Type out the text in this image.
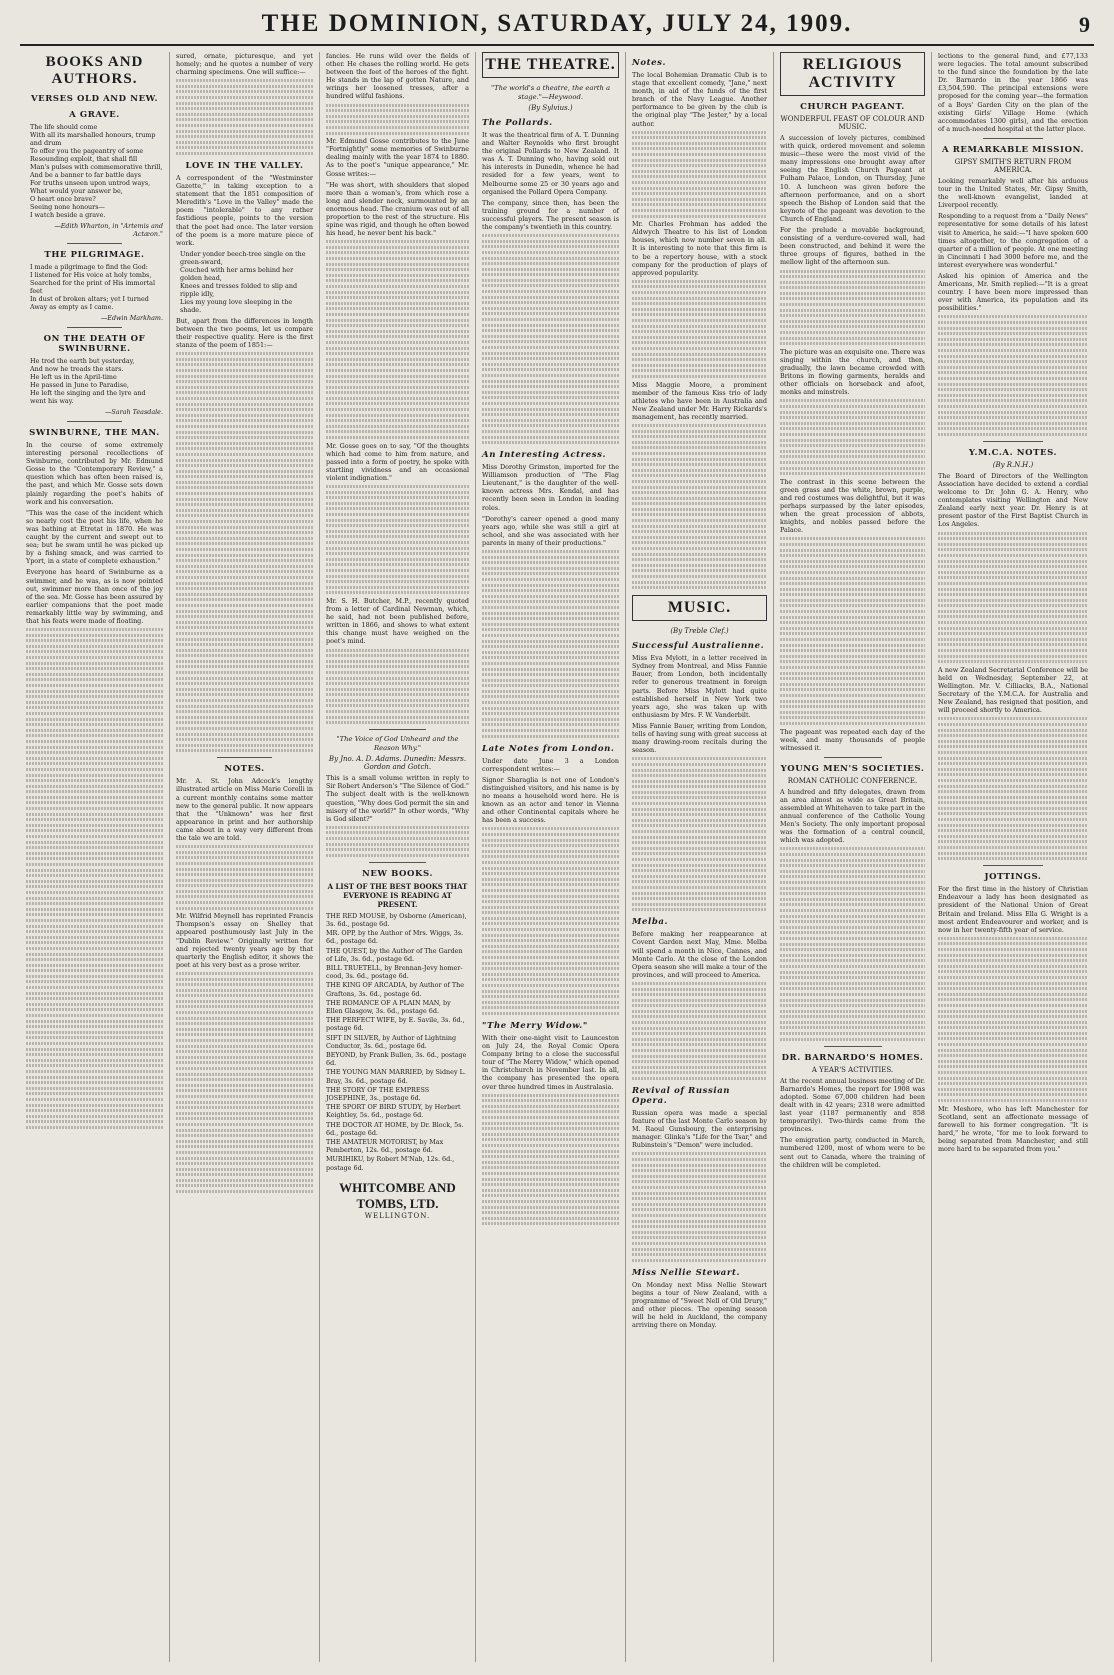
THE DOMINION, SATURDAY, JULY 24, 1909.	9
BOOKS AND AUTHORS.
VERSES OLD AND NEW.
A GRAVE.
The life should come
With all its marshalled honours, trump and drum
To offer you the pageantry of some
Resounding exploit, that shall fill
Man's pulses with commemorative thrill,
And be a banner to far battle days
For truths unseen upon untrod ways,
What would your answer be,
O heart once brave?
Seeing none honours—
I watch beside a grave.
—Edith Wharton, in "Artemis and Actæon."
THE PILGRIMAGE.
I made a pilgrimage to find the God:
I listened for His voice at holy tombs,
Searched for the print of His immortal feet
In dust of broken altars; yet I turned
Away as empty as I came.
—Edwin Markham.
ON THE DEATH OF SWINBURNE.
He trod the earth but yesterday,
And now he treads the stars.
He left us in the April-time
He passed in June to Paradise,
He left the singing and the lyre and went his way.
—Sarah Teasdale.
SWINBURNE, THE MAN.

In the course of some extremely interesting personal recollections of Swinburne, contributed by Mr. Edmund Gosse to the "Contemporary Review," a question which has often been raised is, the past, and which Mr. Gosse sets down plainly regarding the poet's habits of work and his conversation.

"This was the case of the incident which so nearly cost the poet his life, when he was bathing at Etretat in 1870. He was caught by the current and swept out to sea; but he swam until he was picked up by a fishing smack, and was carried to Yport, in a state of complete exhaustion."

Everyone has heard of Swinburne as a swimmer, and he was, as is now pointed out, swimmer more than once of the joy of the sea. Mr. Gosse has been assured by earlier companions that the poet made remarkably little way by swimming, and that his feats were made of floating.

sured, ornate, picturesque, and yet homely; and he quotes a number of very charming specimens. One will suffice:—

LOVE IN THE VALLEY.

A correspondent of the "Westminster Gazette," in taking exception to a statement that the 1851 composition of Meredith's "Love in the Valley" made the poem "intolerable" to any rather fastidious people, points to the version that the poet had once. The later version of the poem is a more mature piece of work.

Under yonder beech-tree single on the green-sward,
Couched with her arms behind her golden head,
Knees and tresses folded to slip and ripple idly,
Lies my young love sleeping in the shade.

But, apart from the differences in length between the two poems, let us compare their respective quality. Here is the first stanza of the poem of 1851:—

NOTES.

Mr. A. St. John Adcock's lengthy illustrated article on Miss Marie Corelli in a current monthly contains some matter new to the general public. It now appears that the "Unknown" was her first appearance in print and her authorship came about in a way very different from the tale we are told.

Mr. Wilfrid Meynell has reprinted Francis Thompson's essay on Shelley that appeared posthumously last July in the "Dublin Review." Originally written for and rejected twenty years ago by that quarterly the English editor, it shows the poet at his very best as a prose writer.

fancies. He runs wild over the fields of other. He chases the rolling world. He gets between the feet of the heroes of the fight. He stands in the lap of gotten Nature, and wrings her loosened tresses, after a hundred wilful fashions.

Mr. Edmund Gosse contributes to the June "Fortnightly" some memories of Swinburne dealing mainly with the year 1874 to 1880. As to the poet's "unique appearance," Mr. Gosse writes:—

"He was short, with shoulders that sloped more than a woman's, from which rose a long and slender neck, surmounted by an enormous head. The cranium was out of all proportion to the rest of the structure. His spine was rigid, and though he often bowed his head, he never bent his back."

Mr. Gosse goes on to say, "Of the thoughts which had come to him from nature, and passed into a form of poetry, he spoke with startling vividness and an occasional violent indignation."

Mr. S. H. Butcher, M.P., recently quoted from a letter of Cardinal Newman, which, he said, had not been published before, written in 1866, and shows to what extent this change must have weighed on the poet's mind.

"The Voice of God Unheard and the Reason Why."
By Jno. A. D. Adams. Dunedin: Messrs. Gordon and Gotch.

This is a small volume written in reply to Sir Robert Anderson's "The Silence of God." The subject dealt with is the well-known question, "Why does God permit the sin and misery of the world?" In other words, "Why is God silent?"

NEW BOOKS.
A LIST OF THE BEST BOOKS THAT EVERYONE IS READING AT PRESENT.
THE RED MOUSE, by Osborne (American), 3s. 6d., postage 6d.
MR. OPP, by the Author of Mrs. Wiggs, 3s. 6d., postage 6d.
THE QUEST, by the Author of The Garden of Life, 3s. 6d., postage 6d.
BILL TRUETELL, by Brennan-Jevy homer-cood, 3s. 6d., postage 6d.
THE KING OF ARCADIA, by Author of The Graftons, 3s. 6d., postage 6d.
THE ROMANCE OF A PLAIN MAN, by Ellen Glasgow, 3s. 6d., postage 6d.
THE PERFECT WIFE, by E. Savile, 3s. 6d., postage 6d.
SIFT IN SILVER, by Author of Lightning Conductor, 3s. 6d., postage 6d.
BEYOND, by Frank Bullen, 3s. 6d., postage 6d.
THE YOUNG MAN MARRIED, by Sidney L. Bray, 3s. 6d., postage 6d.
THE STORY OF THE EMPRESS JOSEPHINE, 3s., postage 6d.
THE SPORT OF BIRD STUDY, by Herbert Keightley, 5s. 6d., postage 6d.
THE DOCTOR AT HOME, by Dr. Block, 5s. 6d., postage 6d.
THE AMATEUR MOTORIST, by Max Pemberton, 12s. 6d., postage 6d.
MURIHIKU, by Robert M'Nab, 12s. 6d., postage 6d.
WHITCOMBE AND TOMBS, LTD.
WELLINGTON.
THE THEATRE.
"The world's a theatre, the earth a stage."—Heywood.
(By Sylvius.)
The Pollards.

It was the theatrical firm of A. T. Dunning and Walter Reynolds who first brought the original Pollards to New Zealand. It was A. T. Dunning who, having sold out his interests in Dunedin, whence he had resided for a few years, went to Melbourne some 25 or 30 years ago and organised the Pollard Opera Company.

The company, since then, has been the training ground for a number of successful players. The present season is the company's twentieth in this country.

An Interesting Actress.

Miss Dorothy Grimston, imported for the Williamson production of "The Flag Lieutenant," is the daughter of the well-known actress Mrs. Kendal, and has recently been seen in London in leading roles.

"Dorothy's career opened a good many years ago, while she was still a girl at school, and she was associated with her parents in many of their productions."

Late Notes from London.

Under date June 3 a London correspondent writes:—

Signor Sbaraglia is not one of London's distinguished visitors, and his name is by no means a household word here. He is known as an actor and tenor in Vienna and other Continental capitals where he has been a success.

"The Merry Widow."

With their one-night visit to Launceston on July 24, the Royal Comic Opera Company bring to a close the successful tour of "The Merry Widow," which opened in Christchurch in November last. In all, the company has presented the opera over three hundred times in Australasia.

Notes.

The local Bohemian Dramatic Club is to stage that excellent comedy, "Jane," next month, in aid of the funds of the first branch of the Navy League. Another performance to be given by the club is the original play "The Jester," by a local author.

Mr. Charles Frohman has added the Aldwych Theatre to his list of London houses, which now number seven in all. It is interesting to note that this firm is to be a repertory house, with a stock company for the production of plays of approved popularity.

Miss Maggie Moore, a prominent member of the famous Kiss trio of lady athletes who have been in Australia and New Zealand under Mr. Harry Rickards's management, has recently married.

MUSIC.
(By Treble Clef.)
Successful Australienne.

Miss Eva Mylott, in a letter received in Sydney from Montreal, and Miss Fannie Bauer, from London, both incidentally refer to generous treatment in foreign parts. Before Miss Mylott had quite established herself in New York two years ago, she was taken up with enthusiasm by Mrs. F. W. Vanderbilt.

Miss Fannie Bauer, writing from London, tells of having sung with great success at many drawing-room recitals during the season.

Melba.

Before making her reappearance at Covent Garden next May, Mme. Melba will spend a month in Nice, Cannes, and Monte Carlo. At the close of the London Opera season she will make a tour of the provinces, and will proceed to America.

Revival of Russian Opera.

Russian opera was made a special feature of the last Monte Carlo season by M. Raoul Gunsbourg, the enterprising manager. Glinka's "Life for the Tsar," and Rubinstein's "Demon" were included.

Miss Nellie Stewart.

On Monday next Miss Nellie Stewart begins a tour of New Zealand, with a programme of "Sweet Nell of Old Drury," and other pieces. The opening season will be held in Auckland, the company arriving there on Monday.

RELIGIOUS ACTIVITY
CHURCH PAGEANT.
WONDERFUL FEAST OF COLOUR AND MUSIC.

A succession of lovely pictures, combined with quick, ordered movement and solemn music—these were the most vivid of the many impressions one brought away after seeing the English Church Pageant at Fulham Palace, London, on Thursday, June 10. A luncheon was given before the afternoon performance, and on a short speech the Bishop of London said that the keynote of the pageant was devotion to the Church of England.

For the prelude a movable background, consisting of a verdure-covered wall, had been constructed, and behind it were the three groups of figures, bathed in the mellow light of the afternoon sun.

The picture was an exquisite one. There was singing within the church, and then, gradually, the lawn became crowded with Britons in flowing garments, heralds and other officials on horseback and afoot, monks and minstrels.

The contrast in this scene between the green grass and the white, brown, purple, and red costumes was delightful, but it was perhaps surpassed by the later episodes, when the great procession of abbots, knights, and nobles passed before the Palace.

The pageant was repeated each day of the week, and many thousands of people witnessed it.

YOUNG MEN'S SOCIETIES.
ROMAN CATHOLIC CONFERENCE.

A hundred and fifty delegates, drawn from an area almost as wide as Great Britain, assembled at Whitehaven to take part in the annual conference of the Catholic Young Men's Society. The only important proposal was the formation of a central council, which was adopted.

DR. BARNARDO'S HOMES.
A YEAR'S ACTIVITIES.

At the recent annual business meeting of Dr. Barnardo's Homes, the report for 1908 was adopted. Some 67,000 children had been dealt with in 42 years; 2318 were admitted last year (1187 permanently and 858 temporarily). Two-thirds came from the provinces.

The emigration party, conducted in March, numbered 1200, most of whom were to be sent out to Canada, where the training of the children will be completed.

lections to the general fund, and £77,133 were legacies. The total amount subscribed to the fund since the foundation by the late Dr. Barnardo in the year 1866 was £3,504,590. The principal extensions were proposed for the coming year—the formation of a Boys' Garden City on the plan of the existing Girls' Village Home (which accommodates 1300 girls), and the erection of a much-needed hospital at the latter place.

A REMARKABLE MISSION.
GIPSY SMITH'S RETURN FROM AMERICA.

Looking remarkably well after his arduous tour in the United States, Mr. Gipsy Smith, the well-known evangelist, landed at Liverpool recently.

Responding to a request from a "Daily News" representative for some details of his latest visit to America, he said:—"I have spoken 600 times altogether, to the congregation of a quarter of a million of people. At one meeting in Cincinnati I had 3000 before me, and the interest everywhere was wonderful."

Asked his opinion of America and the Americans, Mr. Smith replied:—"It is a great country. I have been more impressed than ever with America, its population and its possibilities."

Y.M.C.A. NOTES.
(By R.N.H.)

The Board of Directors of the Wellington Association have decided to extend a cordial welcome to Dr. John G. A. Henry, who contemplates visiting Wellington and New Zealand early next year. Dr. Henry is at present pastor of the First Baptist Church in Los Angeles.

A new Zealand Secretarial Conference will be held on Wednesday, September 22, at Wellington. Mr. V. Cilliacks, B.A., National Secretary of the Y.M.C.A. for Australia and New Zealand, has resigned that position, and will proceed shortly to America.

JOTTINGS.

For the first time in the history of Christian Endeavour a lady has been designated as president of the National Union of Great Britain and Ireland. Miss Ella G. Wright is a most ardent Endeavourer and worker, and is now in her twenty-fifth year of service.

Mr. Meshore, who has left Manchester for Scotland, sent an affectionate message of farewell to his former congregation. "It is hard," he wrote, "for me to look forward to being separated from Manchester, and still more hard to be separated from you."
